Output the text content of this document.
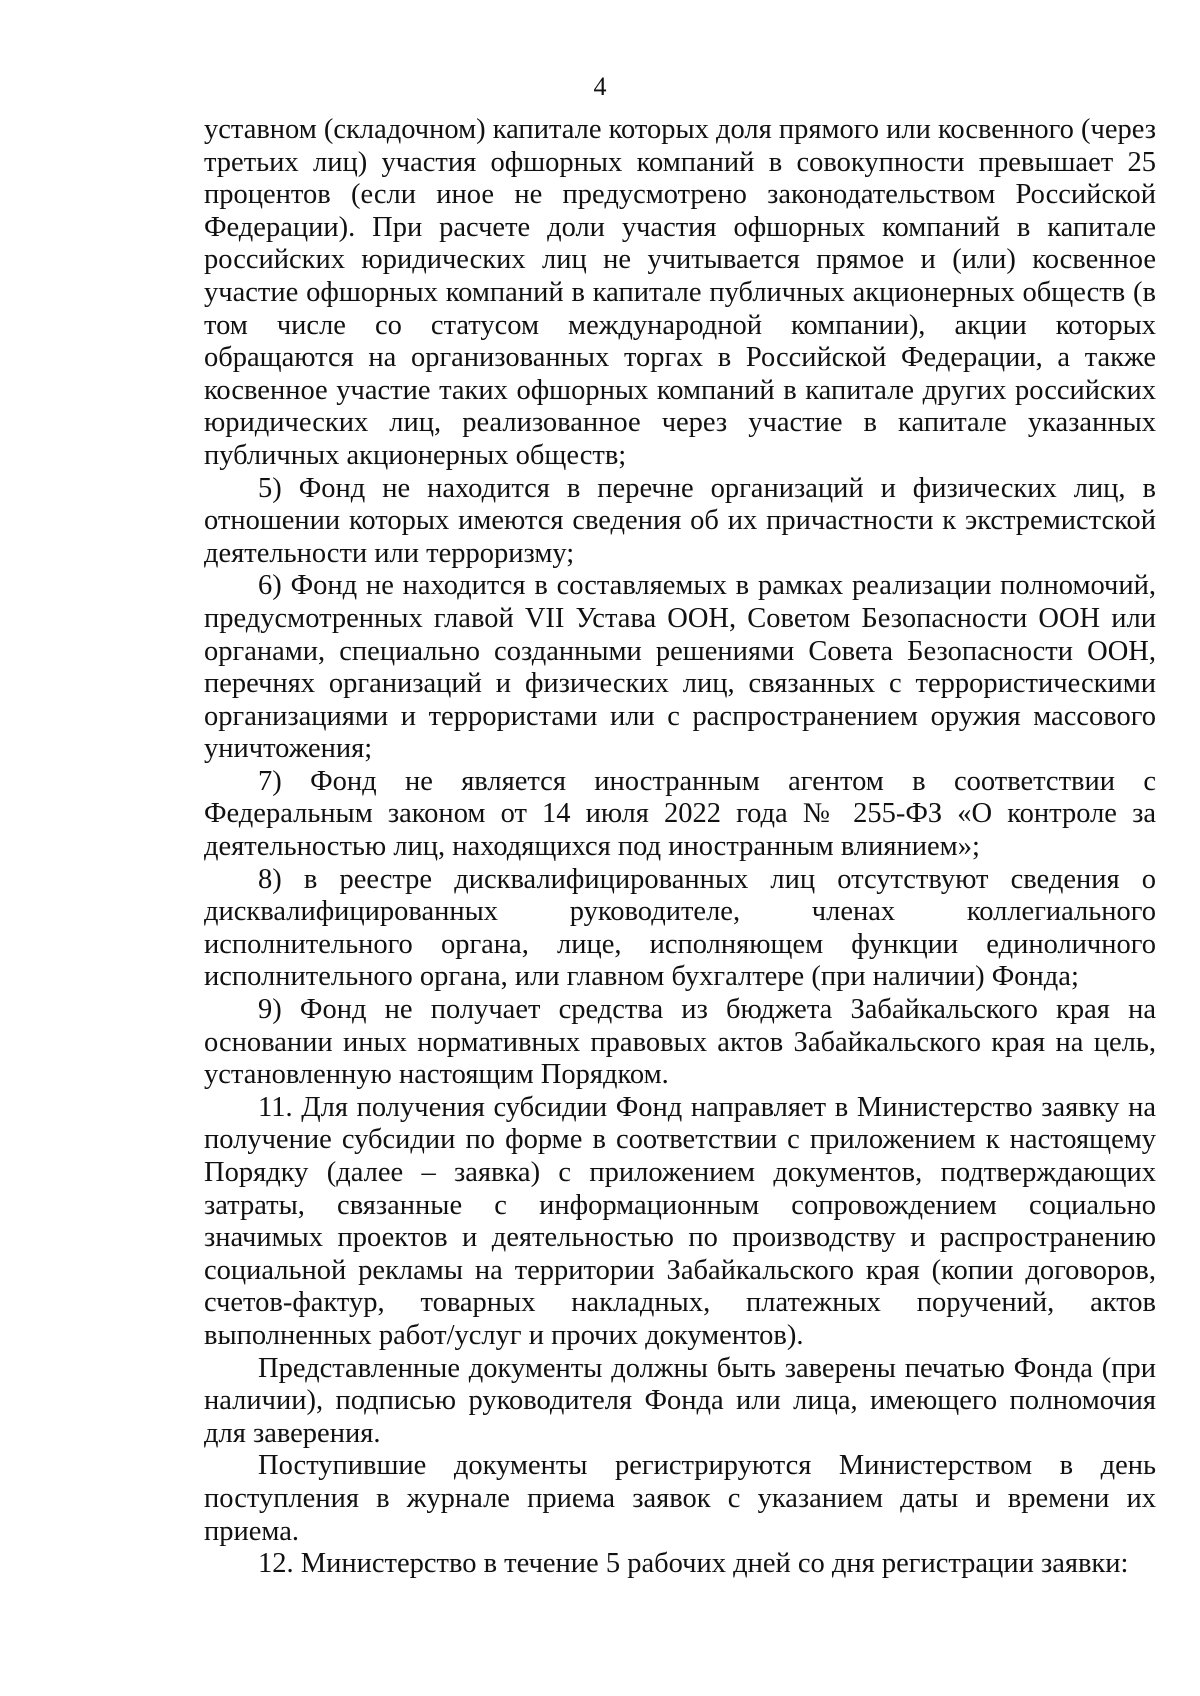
4

уставном (складочном) капитале которых доля прямого или косвенного (через третьих лиц) участия офшорных компаний в совокупности превышает 25 процентов (если иное не предусмотрено законодательством Российской Федерации). При расчете доли участия офшорных компаний в капитале российских юридических лиц не учитывается прямое и (или) косвенное участие офшорных компаний в капитале публичных акционерных обществ (в том числе со статусом международной компании), акции которых обращаются на организованных торгах в Российской Федерации, а также косвенное участие таких офшорных компаний в капитале других российских юридических лиц, реализованное через участие в капитале указанных публичных акционерных обществ;

5) Фонд не находится в перечне организаций и физических лиц, в отношении которых имеются сведения об их причастности к экстремистской деятельности или терроризму;

6) Фонд не находится в составляемых в рамках реализации полномочий, предусмотренных главой VII Устава ООН, Советом Безопасности ООН или органами, специально созданными решениями Совета Безопасности ООН, перечнях организаций и физических лиц, связанных с террористическими организациями и террористами или с распространением оружия массового уничтожения;

7) Фонд не является иностранным агентом в соответствии с Федеральным законом от 14 июля 2022 года № 255-ФЗ «О контроле за деятельностью лиц, находящихся под иностранным влиянием»;

8) в реестре дисквалифицированных лиц отсутствуют сведения о дисквалифицированных руководителе, членах коллегиального исполнительного органа, лице, исполняющем функции единоличного исполнительного органа, или главном бухгалтере (при наличии) Фонда;

9) Фонд не получает средства из бюджета Забайкальского края на основании иных нормативных правовых актов Забайкальского края на цель, установленную настоящим Порядком.

11. Для получения субсидии Фонд направляет в Министерство заявку на получение субсидии по форме в соответствии с приложением к настоящему Порядку (далее – заявка) с приложением документов, подтверждающих затраты, связанные с информационным сопровождением социально значимых проектов и деятельностью по производству и распространению социальной рекламы на территории Забайкальского края (копии договоров, счетов-фактур, товарных накладных, платежных поручений, актов выполненных работ/услуг и прочих документов).

Представленные документы должны быть заверены печатью Фонда (при наличии), подписью руководителя Фонда или лица, имеющего полномочия для заверения.

Поступившие документы регистрируются Министерством в день поступления в журнале приема заявок с указанием даты и времени их приема.

12. Министерство в течение 5 рабочих дней со дня регистрации заявки:
